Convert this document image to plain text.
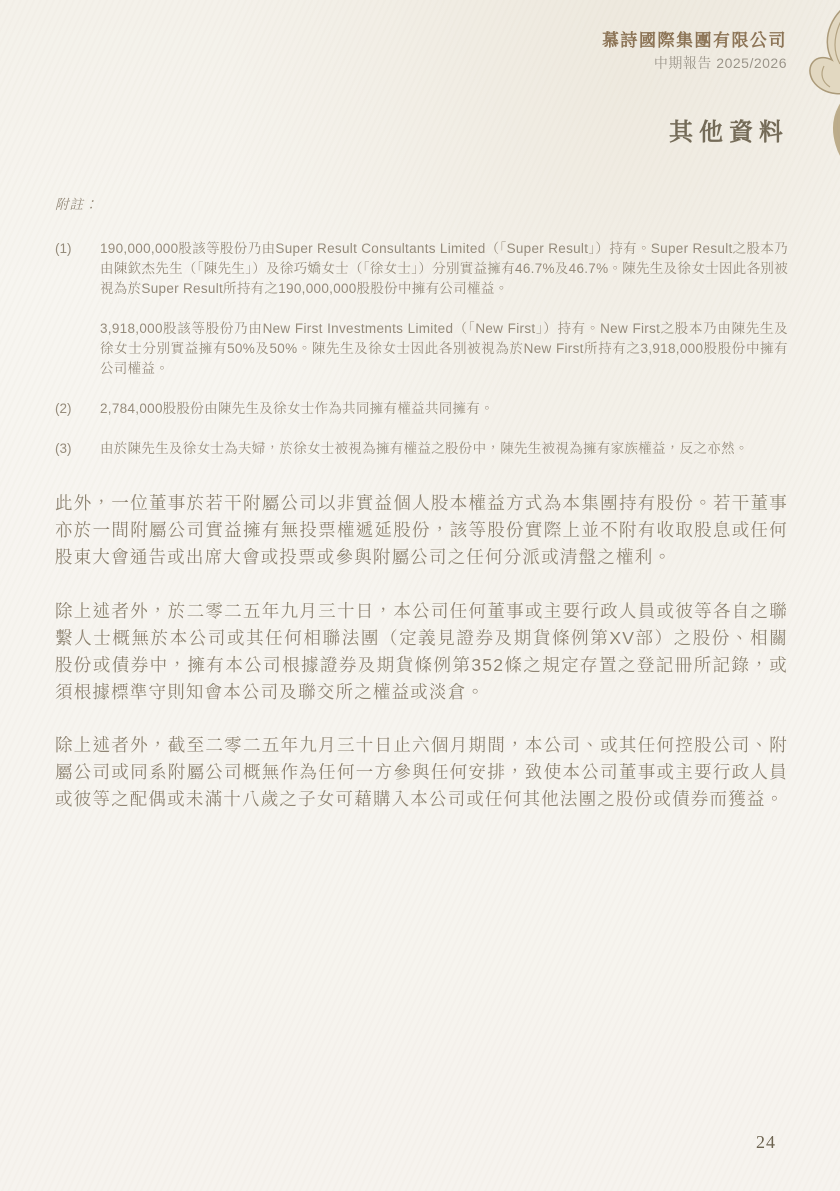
慕詩國際集團有限公司
中期報告 2025/2026
其他資料

附註：

(1)	190,000,000股該等股份乃由Super Result Consultants Limited（「Super Result」）持有。Super Result之股本乃由陳欽杰先生（「陳先生」）及徐巧嬌女士（「徐女士」）分別實益擁有46.7%及46.7%。陳先生及徐女士因此各別被視為於Super Result所持有之190,000,000股股份中擁有公司權益。

3,918,000股該等股份乃由New First Investments Limited（「New First」）持有。New First之股本乃由陳先生及徐女士分別實益擁有50%及50%。陳先生及徐女士因此各別被視為於New First所持有之3,918,000股股份中擁有公司權益。

(2)	2,784,000股股份由陳先生及徐女士作為共同擁有權益共同擁有。

(3)	由於陳先生及徐女士為夫婦，於徐女士被視為擁有權益之股份中，陳先生被視為擁有家族權益，反之亦然。

此外，一位董事於若干附屬公司以非實益個人股本權益方式為本集團持有股份。若干董事亦於一間附屬公司實益擁有無投票權遞延股份，該等股份實際上並不附有收取股息或任何股東大會通告或出席大會或投票或參與附屬公司之任何分派或清盤之權利。

除上述者外，於二零二五年九月三十日，本公司任何董事或主要行政人員或彼等各自之聯繫人士概無於本公司或其任何相聯法團（定義見證券及期貨條例第XV部）之股份、相關股份或債券中，擁有本公司根據證券及期貨條例第352條之規定存置之登記冊所記錄，或須根據標準守則知會本公司及聯交所之權益或淡倉。

除上述者外，截至二零二五年九月三十日止六個月期間，本公司、或其任何控股公司、附屬公司或同系附屬公司概無作為任何一方參與任何安排，致使本公司董事或主要行政人員或彼等之配偶或未滿十八歲之子女可藉購入本公司或任何其他法團之股份或債券而獲益。

24
